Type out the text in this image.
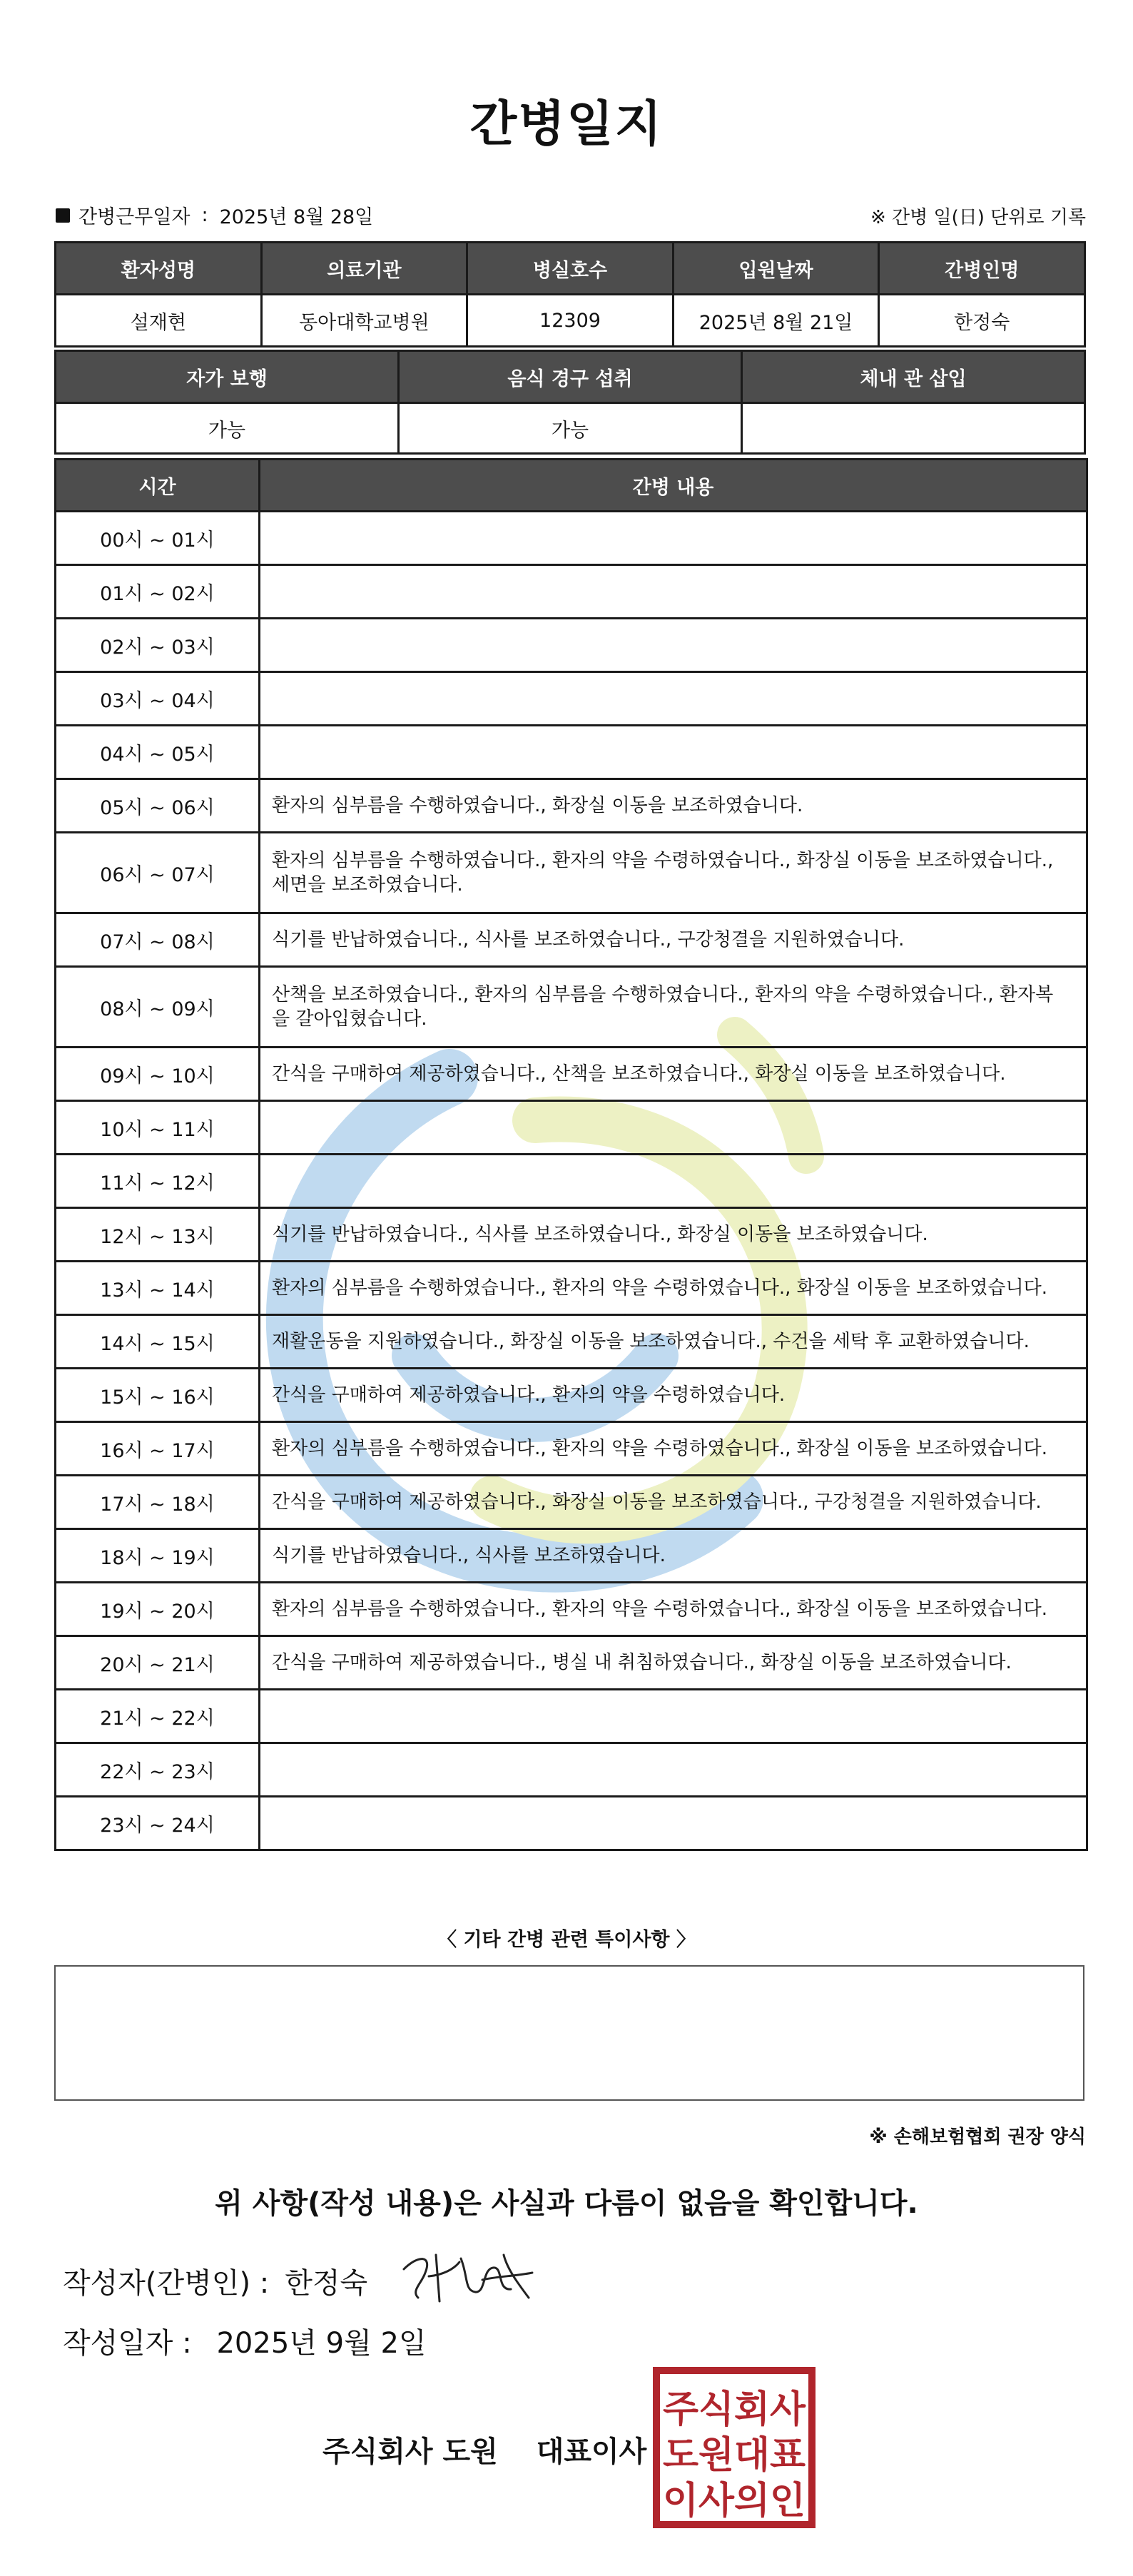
간병일지
간병근무일자 : 2025년 8월 28일	※ 간병 일(日) 단위로 기록
환자성명	의료기관	병실호수	입원날짜	간병인명
설재현	동아대학교병원	12309	2025년 8월 21일	한정숙
자가 보행	음식 경구 섭취	체내 관 삽입
가능	가능	
시간	간병 내용
00시 ~ 01시	
01시 ~ 02시	
02시 ~ 03시	
03시 ~ 04시	
04시 ~ 05시	
05시 ~ 06시	환자의 심부름을 수행하였습니다., 화장실 이동을 보조하였습니다.
06시 ~ 07시	환자의 심부름을 수행하였습니다., 환자의 약을 수령하였습니다., 화장실 이동을 보조하였습니다., 세면을 보조하였습니다.
07시 ~ 08시	식기를 반납하였습니다., 식사를 보조하였습니다., 구강청결을 지원하였습니다.
08시 ~ 09시	산책을 보조하였습니다., 환자의 심부름을 수행하였습니다., 환자의 약을 수령하였습니다., 환자복을 갈아입혔습니다.
09시 ~ 10시	간식을 구매하여 제공하였습니다., 산책을 보조하였습니다., 화장실 이동을 보조하였습니다.
10시 ~ 11시	
11시 ~ 12시	
12시 ~ 13시	식기를 반납하였습니다., 식사를 보조하였습니다., 화장실 이동을 보조하였습니다.
13시 ~ 14시	환자의 심부름을 수행하였습니다., 환자의 약을 수령하였습니다., 화장실 이동을 보조하였습니다.
14시 ~ 15시	재활운동을 지원하였습니다., 화장실 이동을 보조하였습니다., 수건을 세탁 후 교환하였습니다.
15시 ~ 16시	간식을 구매하여 제공하였습니다., 환자의 약을 수령하였습니다.
16시 ~ 17시	환자의 심부름을 수행하였습니다., 환자의 약을 수령하였습니다., 화장실 이동을 보조하였습니다.
17시 ~ 18시	간식을 구매하여 제공하였습니다., 화장실 이동을 보조하였습니다., 구강청결을 지원하였습니다.
18시 ~ 19시	식기를 반납하였습니다., 식사를 보조하였습니다.
19시 ~ 20시	환자의 심부름을 수행하였습니다., 환자의 약을 수령하였습니다., 화장실 이동을 보조하였습니다.
20시 ~ 21시	간식을 구매하여 제공하였습니다., 병실 내 취침하였습니다., 화장실 이동을 보조하였습니다.
21시 ~ 22시	
22시 ~ 23시	
23시 ~ 24시	
〈 기타 간병 관련 특이사항 〉
※ 손해보험협회 권장 양식
위 사항(작성 내용)은 사실과 다름이 없음을 확인합니다.
작성자(간병인) : 한정숙
작성일자 : 2025년 9월 2일
주식회사 도원 대표이사
주식회사
도원대표
이사의인
